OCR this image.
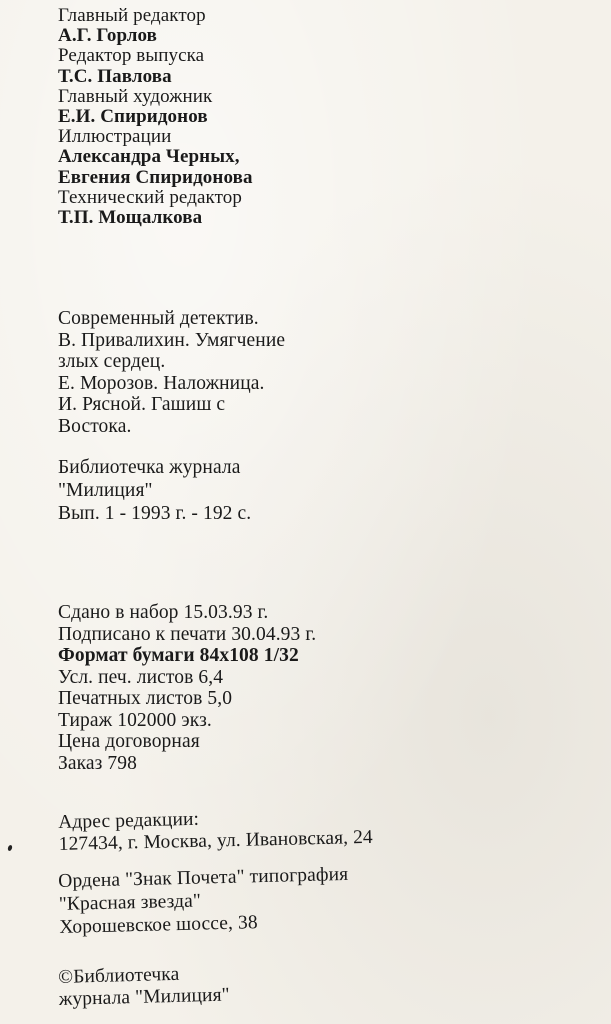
Главный редактор
А.Г. Горлов
Редактор выпуска
Т.С. Павлова
Главный художник
Е.И. Спиридонов
Иллюстрации
Александра Черных,
Евгения Спиридонова
Технический редактор
Т.П. Мощалкова
Современный детектив.
В. Привалихин. Умягчение
злых сердец.
Е. Морозов. Наложница.
И. Рясной. Гашиш с
Востока.
Библиотечка журнала
"Милиция"
Вып. 1 - 1993 г. - 192 с.
Сдано в набор 15.03.93 г.
Подписано к печати 30.04.93 г.
Формат бумаги 84x108 1/32
Усл. печ. листов 6,4
Печатных листов 5,0
Тираж 102000 экз.
Цена договорная
Заказ 798
Адрес редакции:
127434, г. Москва, ул. Ивановская, 24
Ордена "Знак Почета" типография
"Красная звезда"
Хорошевское шоссе, 38
©Библиотечка
журнала "Милиция"
